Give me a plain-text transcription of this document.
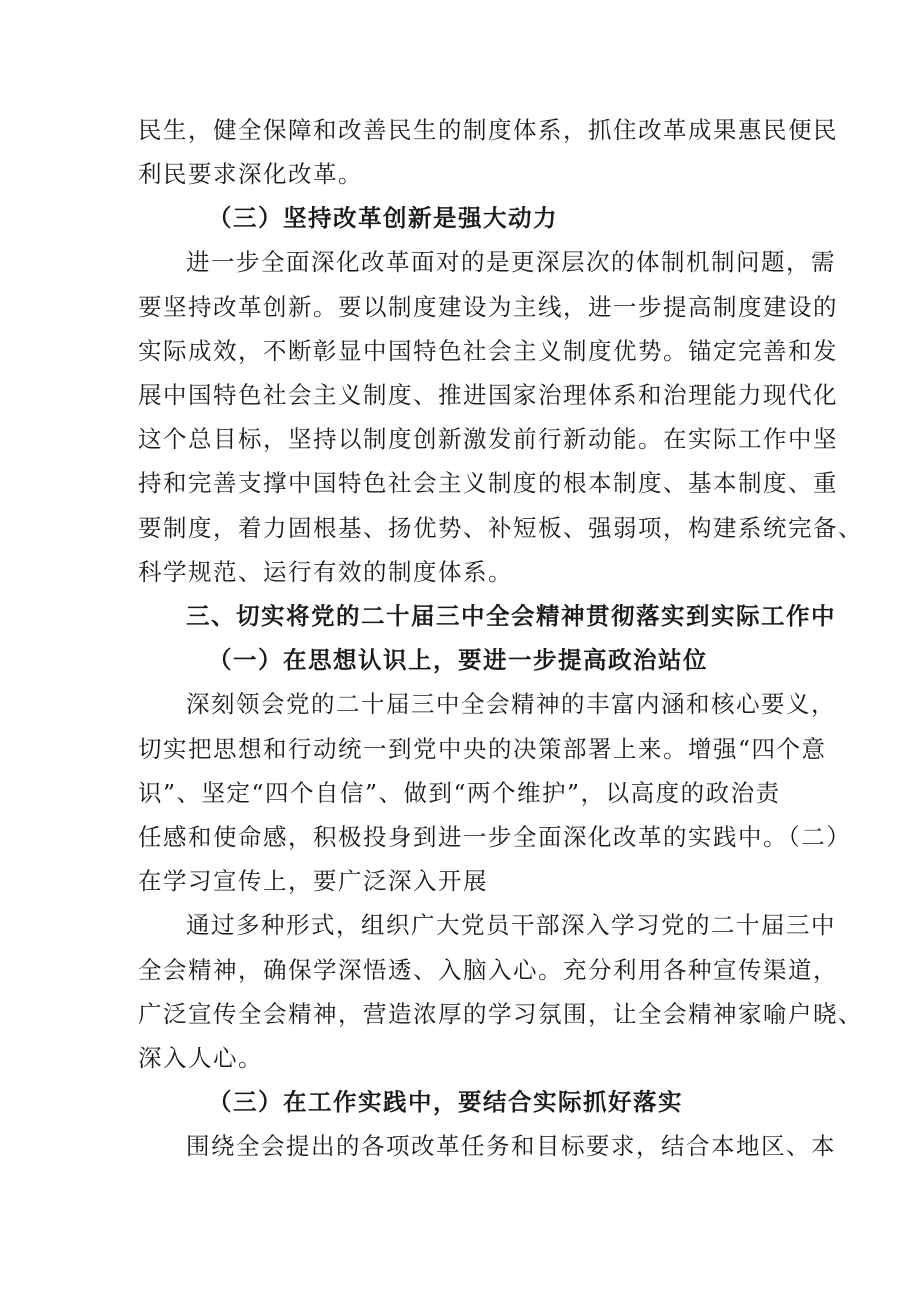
民生，健全保障和改善民生的制度体系，抓住改革成果惠民便民
利民要求深化改革。
（三）坚持改革创新是强大动力
进一步全面深化改革面对的是更深层次的体制机制问题，需
要坚持改革创新。要以制度建设为主线，进一步提高制度建设的
实际成效，不断彰显中国特色社会主义制度优势。锚定完善和发
展中国特色社会主义制度、推进国家治理体系和治理能力现代化
这个总目标，坚持以制度创新激发前行新动能。在实际工作中坚
持和完善支撑中国特色社会主义制度的根本制度、基本制度、重
要制度，着力固根基、扬优势、补短板、强弱项，构建系统完备、
科学规范、运行有效的制度体系。
三、切实将党的二十届三中全会精神贯彻落实到实际工作中
（一）在思想认识上，要进一步提高政治站位
深刻领会党的二十届三中全会精神的丰富内涵和核心要义，
切实把思想和行动统一到党中央的决策部署上来。增强“四个意
识”、坚定“四个自信”、做到“两个维护”，以高度的政治责
任感和使命感，积极投身到进一步全面深化改革的实践中。（二）
在学习宣传上，要广泛深入开展
通过多种形式，组织广大党员干部深入学习党的二十届三中
全会精神，确保学深悟透、入脑入心。充分利用各种宣传渠道，
广泛宣传全会精神，营造浓厚的学习氛围，让全会精神家喻户晓、
深入人心。
（三）在工作实践中，要结合实际抓好落实
围绕全会提出的各项改革任务和目标要求，结合本地区、本
